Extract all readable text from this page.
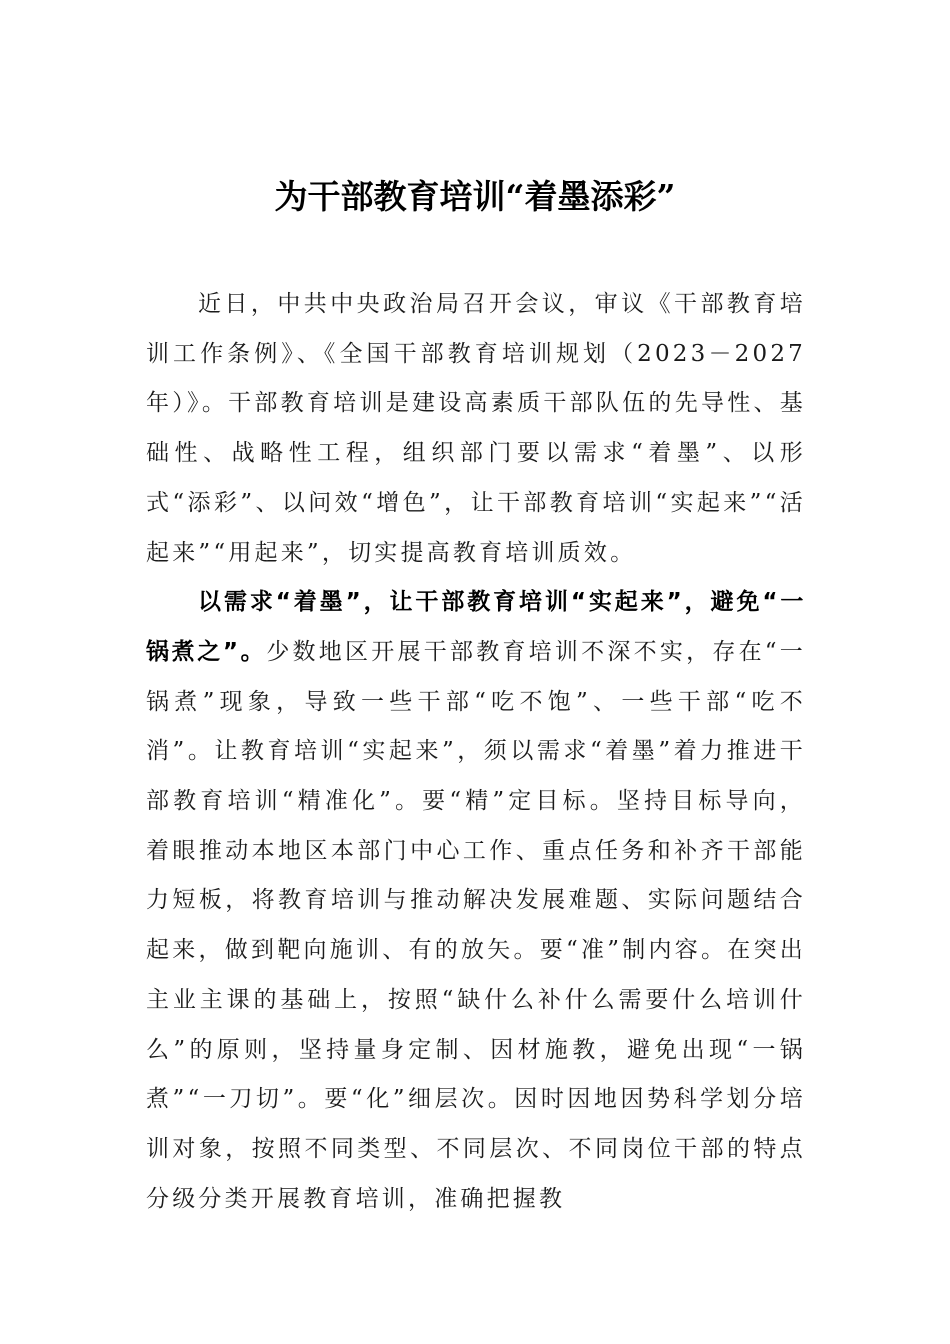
为干部教育培训“着墨添彩”

近日，中共中央政治局召开会议，审议《干部教育培训工作条例》、《全国干部教育培训规划（2023－2027年）》。干部教育培训是建设高素质干部队伍的先导性、基础性、战略性工程，组织部门要以需求“着墨”、以形式“添彩”、以问效“增色”，让干部教育培训“实起来”“活起来”“用起来”，切实提高教育培训质效。

以需求“着墨”，让干部教育培训“实起来”，避免“一锅煮之”。少数地区开展干部教育培训不深不实，存在“一锅煮”现象，导致一些干部“吃不饱”、一些干部“吃不消”。让教育培训“实起来”，须以需求“着墨”着力推进干部教育培训“精准化”。要“精”定目标。坚持目标导向，着眼推动本地区本部门中心工作、重点任务和补齐干部能力短板，将教育培训与推动解决发展难题、实际问题结合起来，做到靶向施训、有的放矢。要“准”制内容。在突出主业主课的基础上，按照“缺什么补什么需要什么培训什么”的原则，坚持量身定制、因材施教，避免出现“一锅煮”“一刀切”。要“化”细层次。因时因地因势科学划分培训对象，按照不同类型、不同层次、不同岗位干部的特点分级分类开展教育培训，准确把握教
